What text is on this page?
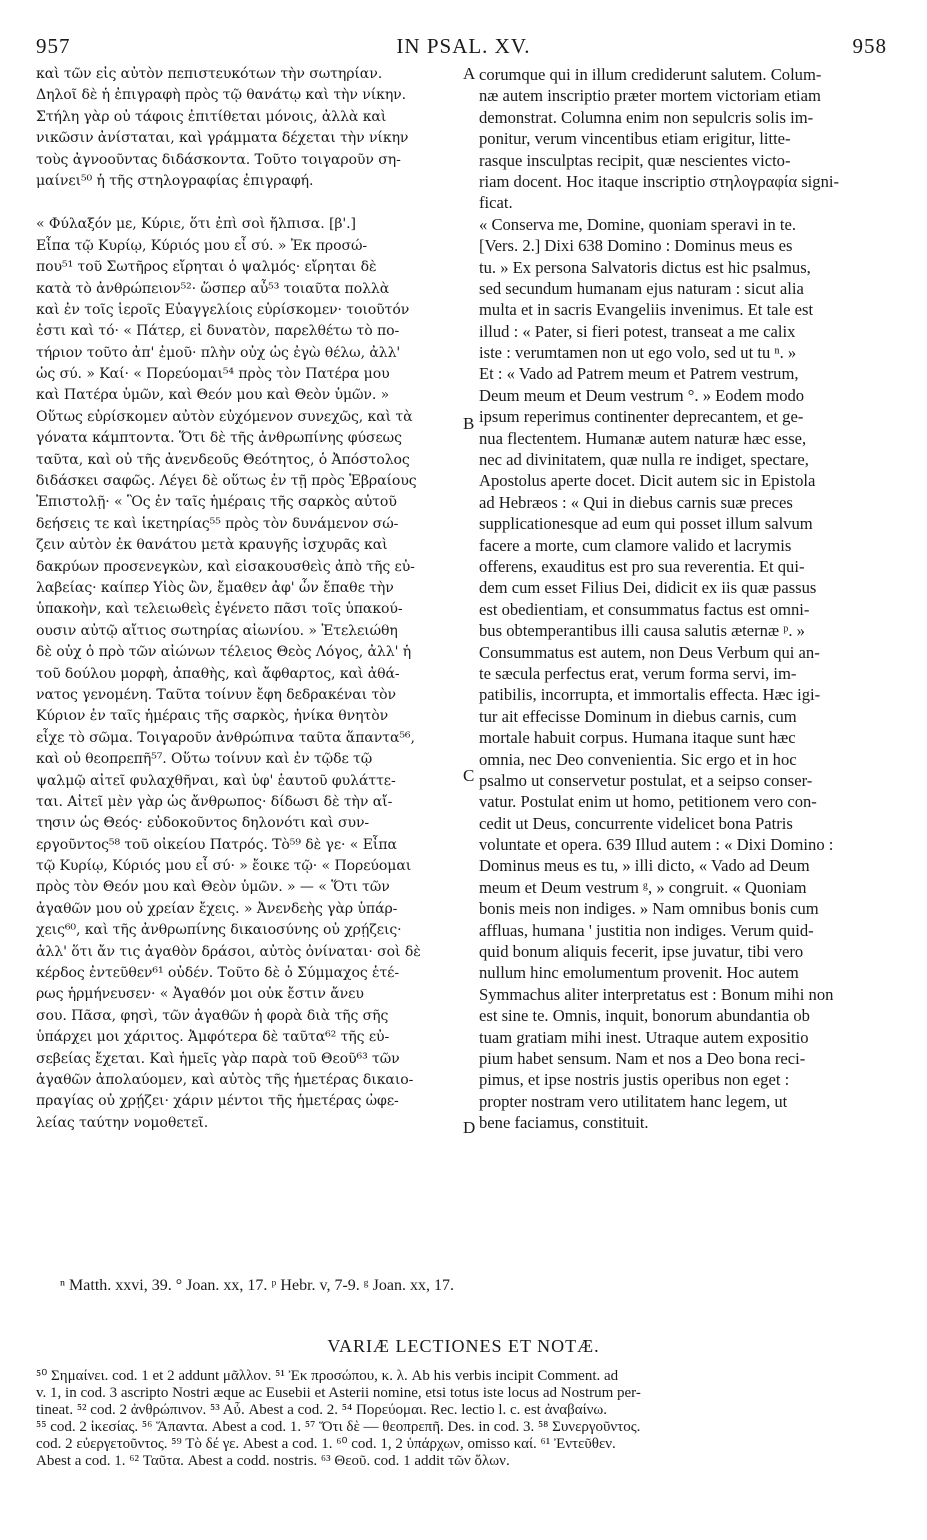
957	IN PSAL. XV.	958
καὶ τῶν εἰς αὐτὸν πεπιστευκότων τὴν σωτηρίαν.
Δηλοῖ δὲ ἡ ἐπιγραφὴ πρὸς τῷ θανάτῳ καὶ τὴν νίκην.
Στήλη γὰρ οὐ τάφοις ἐπιτίθεται μόνοις, ἀλλὰ καὶ
νικῶσιν ἀνίσταται, καὶ γράμματα δέχεται τὴν νίκην
τοὺς ἀγνοοῦντας διδάσκοντα. Τοῦτο τοιγαροῦν ση-
μαίνει⁵⁰ ἡ τῆς στηλογραφίας ἐπιγραφή.
« Φύλαξόν με, Κύριε, ὅτι ἐπὶ σοὶ ἤλπισα. [β'.]
Εἶπα τῷ Κυρίῳ, Κύριός μου εἶ σύ. » Ἐκ προσώ-
που⁵¹ τοῦ Σωτῆρος εἴρηται ὁ ψαλμός· εἴρηται δὲ
κατὰ τὸ ἀνθρώπειον⁵²· ὥσπερ αὖ⁵³ τοιαῦτα πολλὰ
καὶ ἐν τοῖς ἱεροῖς Εὐαγγελίοις εὑρίσκομεν· τοιοῦτόν
ἐστι καὶ τό· « Πάτερ, εἰ δυνατὸν, παρελθέτω τὸ πο-
τήριον τοῦτο ἀπ' ἐμοῦ· πλὴν οὐχ ὡς ἐγὼ θέλω, ἀλλ'
ὡς σύ. » Καί· « Πορεύομαι⁵⁴ πρὸς τὸν Πατέρα μου
καὶ Πατέρα ὑμῶν, καὶ Θεόν μου καὶ Θεὸν ὑμῶν. »
Οὕτως εὑρίσκομεν αὐτὸν εὐχόμενον συνεχῶς, καὶ τὰ
γόνατα κάμπτοντα. Ὅτι δὲ τῆς ἀνθρωπίνης φύσεως
ταῦτα, καὶ οὐ τῆς ἀνενδεοῦς Θεότητος, ὁ Ἀπόστολος
διδάσκει σαφῶς. Λέγει δὲ οὕτως ἐν τῇ πρὸς Ἑβραίους
Ἐπιστολῇ· « Ὃς ἐν ταῖς ἡμέραις τῆς σαρκὸς αὐτοῦ
δεήσεις τε καὶ ἱκετηρίας⁵⁵ πρὸς τὸν δυνάμενον σώ-
ζειν αὐτὸν ἐκ θανάτου μετὰ κραυγῆς ἰσχυρᾶς καὶ
δακρύων προσενεγκὼν, καὶ εἰσακουσθεὶς ἀπὸ τῆς εὐ-
λαβείας· καίπερ Υἱὸς ὢν, ἔμαθεν ἀφ' ὧν ἔπαθε τὴν
ὑπακοὴν, καὶ τελειωθεὶς ἐγένετο πᾶσι τοῖς ὑπακού-
ουσιν αὐτῷ αἴτιος σωτηρίας αἰωνίου. » Ἐτελειώθη
δὲ οὐχ ὁ πρὸ τῶν αἰώνων τέλειος Θεὸς Λόγος, ἀλλ' ἡ
τοῦ δούλου μορφὴ, ἀπαθὴς, καὶ ἄφθαρτος, καὶ ἀθά-
νατος γενομένη. Ταῦτα τοίνυν ἔφη δεδρακέναι τὸν
Κύριον ἐν ταῖς ἡμέραις τῆς σαρκὸς, ἡνίκα θνητὸν
εἶχε τὸ σῶμα. Τοιγαροῦν ἀνθρώπινα ταῦτα ἅπαντα⁵⁶,
καὶ οὐ θεοπρεπῆ⁵⁷. Οὕτω τοίνυν καὶ ἐν τῷδε τῷ
ψαλμῷ αἰτεῖ φυλαχθῆναι, καὶ ὑφ' ἑαυτοῦ φυλάττε-
ται. Αἰτεῖ μὲν γὰρ ὡς ἄνθρωπος· δίδωσι δὲ τὴν αἴ-
τησιν ὡς Θεός· εὐδοκοῦντος δηλονότι καὶ συν-
εργοῦντος⁵⁸ τοῦ οἰκείου Πατρός. Τὸ⁵⁹ δὲ γε· « Εἶπα
τῷ Κυρίῳ, Κύριός μου εἶ σύ· » ἔοικε τῷ· « Πορεύομαι
πρὸς τὸν Θεόν μου καὶ Θεὸν ὑμῶν. » — « Ὅτι τῶν
ἀγαθῶν μου οὐ χρείαν ἔχεις. » Ἀνενδεὴς γὰρ ὑπάρ-
χεις⁶⁰, καὶ τῆς ἀνθρωπίνης δικαιοσύνης οὐ χρῄζεις·
ἀλλ' ὅτι ἄν τις ἀγαθὸν δράσοι, αὐτὸς ὀνίναται· σοὶ δὲ
κέρδος ἐντεῦθεν⁶¹ οὐδέν. Τοῦτο δὲ ὁ Σύμμαχος ἑτέ-
ρως ἡρμήνευσεν· « Ἀγαθόν μοι οὐκ ἔστιν ἄνευ
σου. Πᾶσα, φησὶ, τῶν ἀγαθῶν ἡ φορὰ διὰ τῆς σῆς
ὑπάρχει μοι χάριτος. Ἀμφότερα δὲ ταῦτα⁶² τῆς εὐ-
σεβείας ἔχεται. Καὶ ἡμεῖς γὰρ παρὰ τοῦ Θεοῦ⁶³ τῶν
ἀγαθῶν ἀπολαύομεν, καὶ αὐτὸς τῆς ἡμετέρας δικαιο-
πραγίας οὐ χρῄζει· χάριν μέντοι τῆς ἡμετέρας ὠφε-
λείας ταύτην νομοθετεῖ.
corumque qui in illum crediderunt salutem. Colum-
næ autem inscriptio præter mortem victoriam etiam
demonstrat. Columna enim non sepulcris solis im-
ponitur, verum vincentibus etiam erigitur, litte-
rasque insculptas recipit, quæ nescientes victo-
riam docent. Hoc itaque inscriptio στηλογραφία signi-
ficat.
« Conserva me, Domine, quoniam speravi in te.
[Vers. 2.] Dixi 638 Domino : Dominus meus es
tu. » Ex persona Salvatoris dictus est hic psalmus,
sed secundum humanam ejus naturam : sicut alia
multa et in sacris Evangeliis invenimus. Et tale est
illud : « Pater, si fieri potest, transeat a me calix
iste : verumtamen non ut ego volo, sed ut tu ⁿ. »
Et : « Vado ad Patrem meum et Patrem vestrum,
Deum meum et Deum vestrum °. » Eodem modo
ipsum reperimus continenter deprecantem, et ge-
nua flectentem. Humanæ autem naturæ hæc esse,
nec ad divinitatem, quæ nulla re indiget, spectare,
Apostolus aperte docet. Dicit autem sic in Epistola
ad Hebræos : « Qui in diebus carnis suæ preces
supplicationesque ad eum qui posset illum salvum
facere a morte, cum clamore valido et lacrymis
offerens, exauditus est pro sua reverentia. Et qui-
dem cum esset Filius Dei, didicit ex iis quæ passus
est obedientiam, et consummatus factus est omni-
bus obtemperantibus illi causa salutis æternæ ᵖ. »
Consummatus est autem, non Deus Verbum qui an-
te sæcula perfectus erat, verum forma servi, im-
patibilis, incorrupta, et immortalis effecta. Hæc igi-
tur ait effecisse Dominum in diebus carnis, cum
mortale habuit corpus. Humana itaque sunt hæc
omnia, nec Deo convenientia. Sic ergo et in hoc
psalmo ut conservetur postulat, et a seipso conser-
vatur. Postulat enim ut homo, petitionem vero con-
cedit ut Deus, concurrente videlicet bona Patris
voluntate et opera. 639 Illud autem : « Dixi Domino :
Dominus meus es tu, » illi dicto, « Vado ad Deum
meum et Deum vestrum ᵍ, » congruit. « Quoniam
bonis meis non indiges. » Nam omnibus bonis cum
affluas, humana ' justitia non indiges. Verum quid-
quid bonum aliquis fecerit, ipse juvatur, tibi vero
nullum hinc emolumentum provenit. Hoc autem
Symmachus aliter interpretatus est : Bonum mihi non
est sine te. Omnis, inquit, bonorum abundantia ob
tuam gratiam mihi inest. Utraque autem expositio
pium habet sensum. Nam et nos a Deo bona reci-
pimus, et ipse nostris justis operibus non eget :
propter nostram vero utilitatem hanc legem, ut
bene faciamus, constituit.
A
B
C
D
ⁿ Matth. xxvi, 39. ° Joan. xx, 17. ᵖ Hebr. v, 7-9. ᵍ Joan. xx, 17.
VARIÆ LECTIONES ET NOTÆ.
⁵⁰ Σημαίνει. cod. 1 et 2 addunt μᾶλλον. ⁵¹ Ἐκ προσώπου, κ. λ. Ab his verbis incipit Comment. ad
v. 1, in cod. 3 ascripto Nostri æque ac Eusebii et Asterii nomine, etsi totus iste locus ad Nostrum per-
tineat. ⁵² cod. 2 ἀνθρώπινον. ⁵³ Αὖ. Abest a cod. 2. ⁵⁴ Πορεύομαι. Rec. lectio l. c. est ἀναβαίνω.
⁵⁵ cod. 2 ἱκεσίας. ⁵⁶ Ἅπαντα. Abest a cod. 1. ⁵⁷ Ὅτι δὲ — θεοπρεπῆ. Des. in cod. 3. ⁵⁸ Συνεργοῦντος.
cod. 2 εὐεργετοῦντος. ⁵⁹ Τὸ δέ γε. Abest a cod. 1. ⁶⁰ cod. 1, 2 ὑπάρχων, omisso καί. ⁶¹ Ἐντεῦθεν.
Abest a cod. 1. ⁶² Ταῦτα. Abest a codd. nostris. ⁶³ Θεοῦ. cod. 1 addit τῶν ὅλων.
